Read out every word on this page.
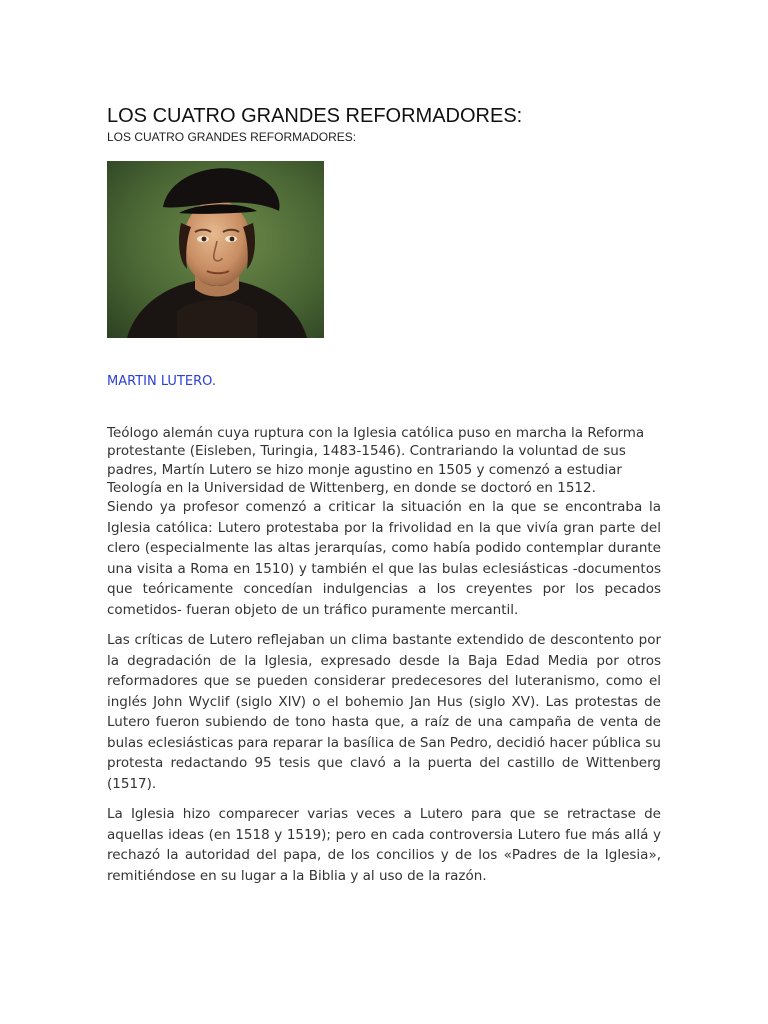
LOS CUATRO GRANDES REFORMADORES:
LOS CUATRO GRANDES REFORMADORES:
MARTIN LUTERO.

Teólogo alemán cuya ruptura con la Iglesia católica puso en marcha la Reforma protestante (Eisleben, Turingia, 1483-1546). Contrariando la voluntad de sus padres, Martín Lutero se hizo monje agustino en 1505 y comenzó a estudiar Teología en la Universidad de Wittenberg, en donde se doctoró en 1512.

Siendo ya profesor comenzó a criticar la situación en la que se encontraba la Iglesia católica: Lutero protestaba por la frivolidad en la que vivía gran parte del clero (especialmente las altas jerarquías, como había podido contemplar durante una visita a Roma en 1510) y también el que las bulas eclesiásticas -documentos que teóricamente concedían indulgencias a los creyentes por los pecados cometidos- fueran objeto de un tráfico puramente mercantil.

Las críticas de Lutero reflejaban un clima bastante extendido de descontento por la degradación de la Iglesia, expresado desde la Baja Edad Media por otros reformadores que se pueden considerar predecesores del luteranismo, como el inglés John Wyclif (siglo XIV) o el bohemio Jan Hus (siglo XV). Las protestas de Lutero fueron subiendo de tono hasta que, a raíz de una campaña de venta de bulas eclesiásticas para reparar la basílica de San Pedro, decidió hacer pública su protesta redactando 95 tesis que clavó a la puerta del castillo de Wittenberg (1517).

La Iglesia hizo comparecer varias veces a Lutero para que se retractase de aquellas ideas (en 1518 y 1519); pero en cada controversia Lutero fue más allá y rechazó la autoridad del papa, de los concilios y de los «Padres de la Iglesia», remitiéndose en su lugar a la Biblia y al uso de la razón.
